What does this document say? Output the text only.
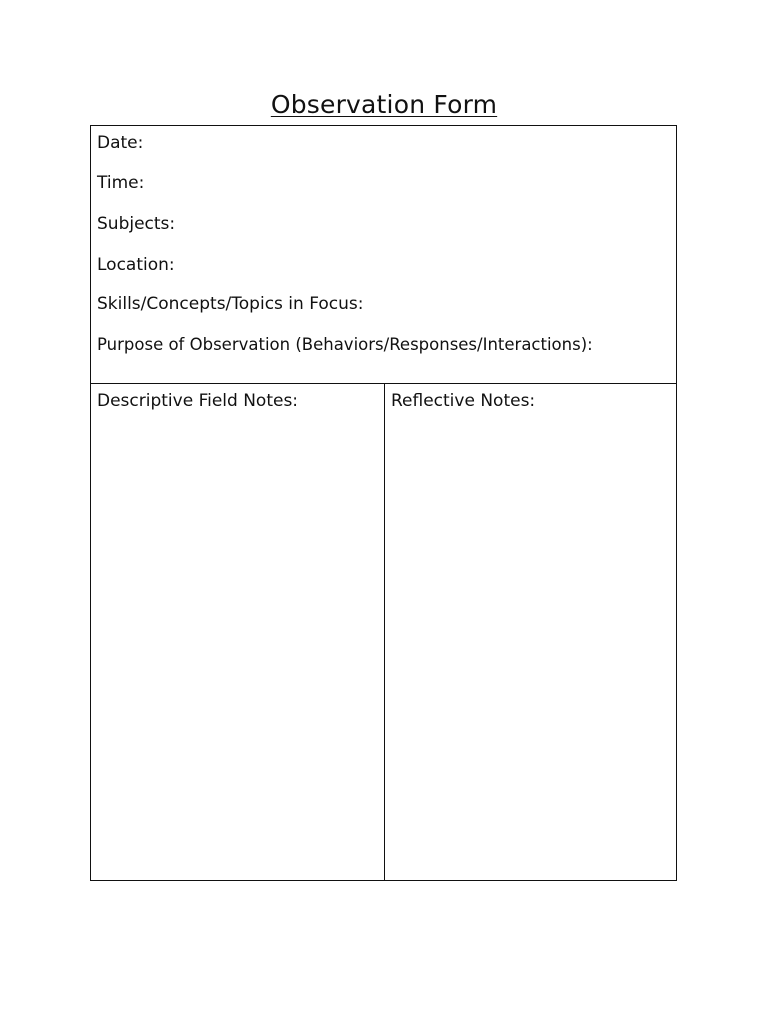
Observation Form
Date:
Time:
Subjects:
Location:
Skills/Concepts/Topics in Focus:
Purpose of Observation (Behaviors/Responses/Interactions):
Descriptive Field Notes:	Reflective Notes:
